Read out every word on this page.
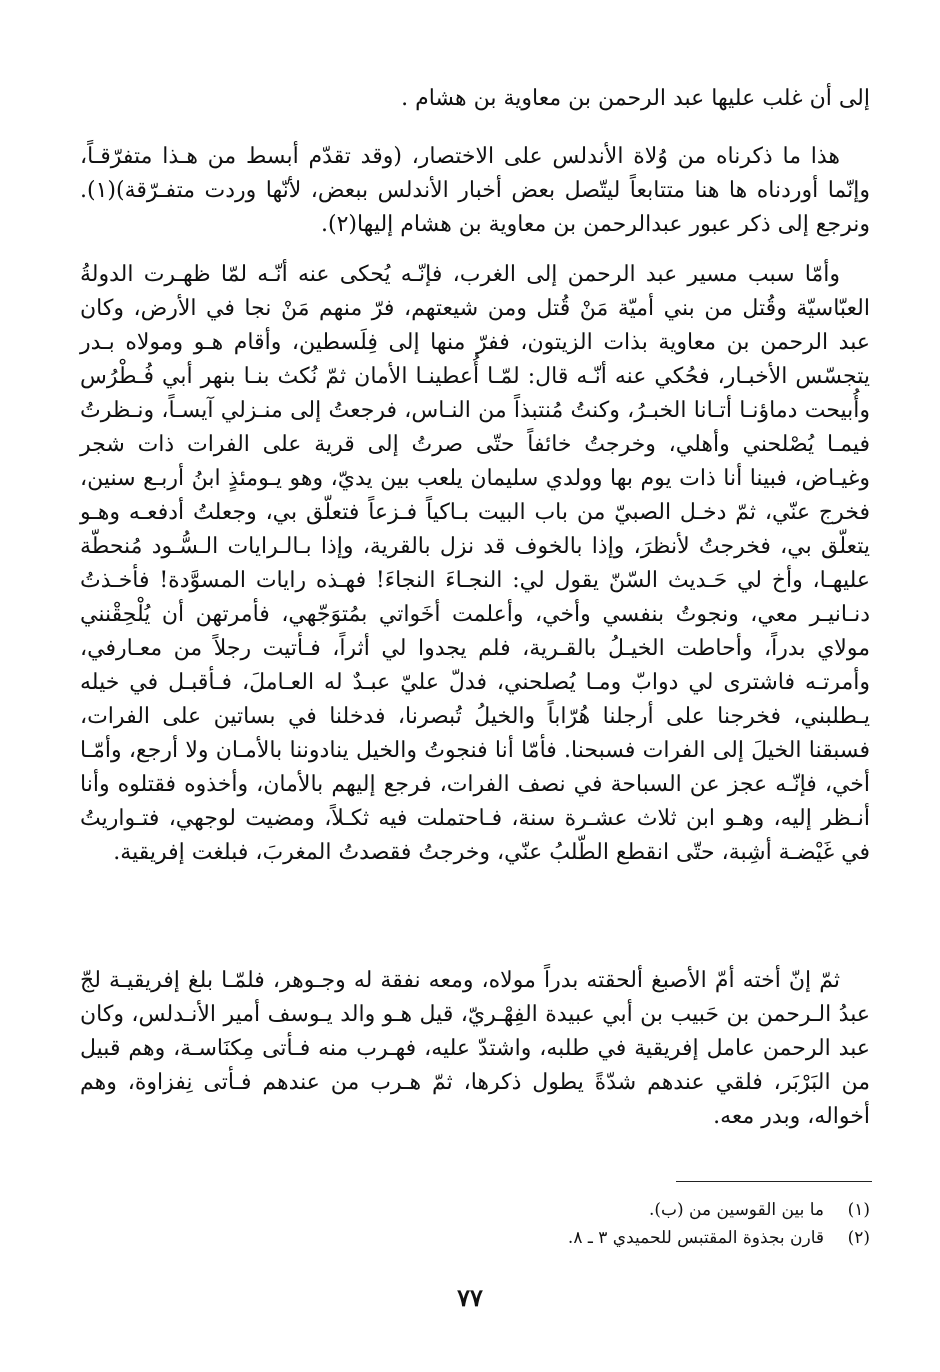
إلى أن غلب عليها عبد الرحمن بن معاوية بن هشام .

هذا ما ذكرناه من وُلاة الأندلس على الاختصار، (وقد تقدّم أبسط من هـذا متفرّقـاً، وإنّما أوردناه ها هنا متتابعاً ليتّصل بعض أخبار الأندلس ببعض، لأنّها وردت متفـرّقة)(١). ونرجع إلى ذكر عبور عبدالرحمن بن معاوية بن هشام إليها(٢).

وأمّا سبب مسير عبد الرحمن إلى الغرب، فإنّـه يُحكى عنه أنّـه لمّا ظهـرت الدولةُ العبّاسيّة وقُتل من بني أميّة مَنْ قُتل ومن شيعتهم، فرّ منهم مَنْ نجا في الأرض، وكان عبد الرحمن بن معاوية بذات الزيتون، ففرّ منها إلى فِلَسطين، وأقام هـو ومولاه بـدر يتجسّس الأخبـار، فحُكي عنه أنّـه قال: لمّـا أُعطينـا الأمان ثمّ نُكث بنـا بنهر أبي فُـطْرُس وأُبيحت دماؤنـا أتـانا الخبـرُ، وكنتُ مُنتبذاً من النـاس، فرجعتُ إلى منـزلي آيسـاً، ونـظرتُ فيمـا يُصْلحني وأهلي، وخرجتُ خائفاً حتّى صرتُ إلى قرية على الفرات ذات شجر وغيـاض، فبينا أنا ذات يوم بها وولدي سليمان يلعب بين يديّ، وهو يـومئذٍ ابنُ أربـع سنين، فخرج عنّي، ثمّ دخـل الصبيّ من باب البيت بـاكياً فـزعاً فتعلّق بي، وجعلتُ أدفعـه وهـو يتعلّق بي، فخرجتُ لأنظرَ، وإذا بالخوف قد نزل بالقرية، وإذا بـالـرايات الـسُّـود مُنحطّة عليهـا، وأخ لي حَـديث السّنّ يقول لي: النجـاءَ النجاءَ! فهـذه رايات المسوَّدة! فأخـذتُ دنـانيـر معي، ونجوتُ بنفسي وأخي، وأعلمت أخَواتي بمُتوَجّهي، فأمرتهن أن يُلْحِقْنني مولاي بدراً، وأحاطت الخيـلُ بالقـرية، فلم يجدوا لي أثراً، فـأتيت رجلاً من معـارفي، وأمرتـه فاشترى لي دوابّ ومـا يُصلحني، فدلّ عليّ عبـدٌ له العـاملَ، فـأقبـل في خيله يـطلبني، فخرجنا على أرجلنا هُرّاباً والخيلُ تُبصرنا، فدخلنا في بساتين على الفرات، فسبقنا الخيلَ إلى الفرات فسبحنا. فأمّا أنا فنجوتُ والخيل ينادوننا بالأمـان ولا أرجع، وأمّـا أخي، فإنّـه عجز عن السباحة في نصف الفرات، فرجع إليهم بالأمان، وأخذوه فقتلوه وأنا أنـظر إليه، وهـو ابن ثلاث عشـرة سنة، فـاحتملت فيه ثكـلاً، ومضيت لوجهي، فتـواريتُ في غَيْضـة أشِبة، حتّى انقطع الطّلبُ عنّي، وخرجتُ فقصدتُ المغربَ، فبلغت إفريقية.

ثمّ إنّ أخته أمّ الأصبغ ألحقته بدراً مولاه، ومعه نفقة له وجـوهر، فلمّـا بلغ إفريقيـة لجّ عبدُ الـرحمن بن حَبيب بن أبي عبيدة الفِهْـريّ، قيل هـو والد يـوسف أمير الأنـدلس، وكان عبد الرحمن عامل إفريقية في طلبه، واشتدّ عليه، فهـرب منه فـأتى مِكنَاسـة، وهم قبيل من البَرْبَر، فلقي عندهم شدّةً يطول ذكرها، ثمّ هـرب من عندهم فـأتى نِفزاوة، وهم أخواله، وبدر معه.

(١)
ما بين القوسين من (ب).
(٢)
قارن بجذوة المقتبس للحميدي ٣ ـ ٨.
٧٧
